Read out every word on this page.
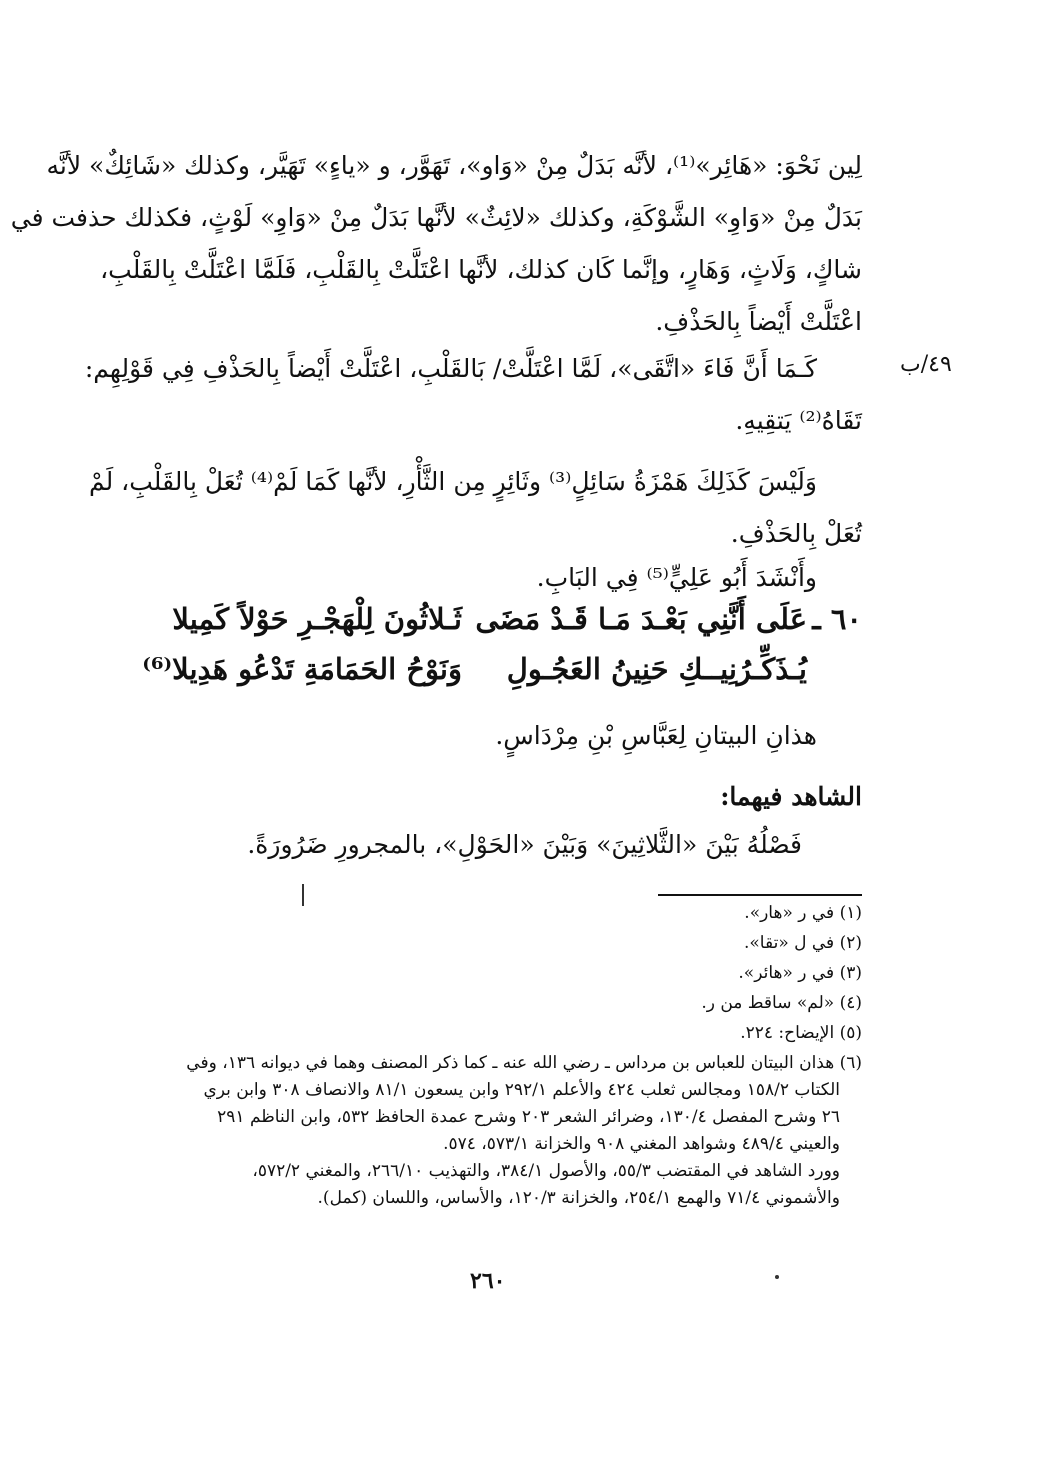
٤٩/ب

لِين نَحْوَ: «هَائِر»⁽¹⁾، لأنَّه بَدَلٌ مِنْ «وَاو»، تَهَوَّر، و «ياءٍ» تَهَيَّر، وكذلك «شَائِكٌ» لأنَّه
بَدَلٌ مِنْ «وَاوِ» الشَّوْكَةِ، وكذلك «لائِثٌ» لأنَّها بَدَلٌ مِنْ «وَاوِ» لَوْثٍ، فكذلك حذفت في
شاكٍ، وَلَاثٍ، وَهَارٍ، وإنَّما كَان كذلك، لأنَّها اعْتَلَّتْ بِالقَلْبِ، فَلَمَّا اعْتَلَّتْ بِالقَلْبِ،
اعْتَلَّتْ أَيْضاً بِالحَذْفِ.

كَـمَا أَنَّ فَاءَ «اتَّقَى»، لَمَّا اعْتَلَّتْ/ بَالقَلْبِ، اعْتَلَّتْ أَيْضاً بِالحَذْفِ فِي قَوْلِهِم:
تَقَاهُ⁽²⁾ يَتقِيهِ.

وَلَيْسَ كَذَلِكَ هَمْزَةُ سَائِلٍ⁽³⁾ وثَائِرٍ مِن الثَّأْرِ، لأنَّها كَمَا لَمْ⁽⁴⁾ تُعَلْ بِالقَلْبِ، لَمْ
تُعَلْ بِالحَذْفِ.

وأَنْشَدَ أَبُو عَلِيٍّ⁽⁵⁾ فِي البَابِ.

٦٠ ـ
عَلَى أَنَّنِي بَعْـدَ مَـا قَـدْ مَضَى
ثَـلاثُونَ لِلْهَجْـرِ حَوْلاً كَمِيلا
يُـذَكِّـرُنِيــكِ حَنِينُ العَجُـولِ
وَنَوْحُ الحَمَامَةِ تَدْعُو هَدِيلا⁽⁶⁾

هذانِ البيتانِ لِعَبَّاسِ بْنِ مِرْدَاسٍ.

الشاهد فيهما:
فَصْلُهُ بَيْنَ «الثَّلاثِينَ» وَبَيْنَ «الحَوْلِ»، بالمجرورِ ضَرُورَةً.
(١) في ر «هار».
(٢) في ل «تقا».
(٣) في ر «هائر».
(٤) «لم» ساقط من ر.
(٥) الإيضاح: ٢٢٤.
(٦) هذان البيتان للعباس بن مرداس ـ رضي الله عنه ـ كما ذكر المصنف وهما في ديوانه ١٣٦، وفي
الكتاب ١٥٨/٢ ومجالس ثعلب ٤٢٤ والأعلم ٢٩٢/١ وابن يسعون ٨١/١ والانصاف ٣٠٨ وابن بري
٢٦ وشرح المفصل ١٣٠/٤، وضرائر الشعر ٢٠٣ وشرح عمدة الحافظ ٥٣٢، وابن الناظم ٢٩١
والعيني ٤٨٩/٤ وشواهد المغني ٩٠٨ والخزانة ٥٧٣/١، ٥٧٤.
وورد الشاهد في المقتضب ٥٥/٣، والأصول ٣٨٤/١، والتهذيب ٢٦٦/١٠، والمغني ٥٧٢/٢،
والأشموني ٧١/٤ والهمع ٢٥٤/١، والخزانة ١٢٠/٣، والأساس، واللسان (كمل).
٢٦٠
